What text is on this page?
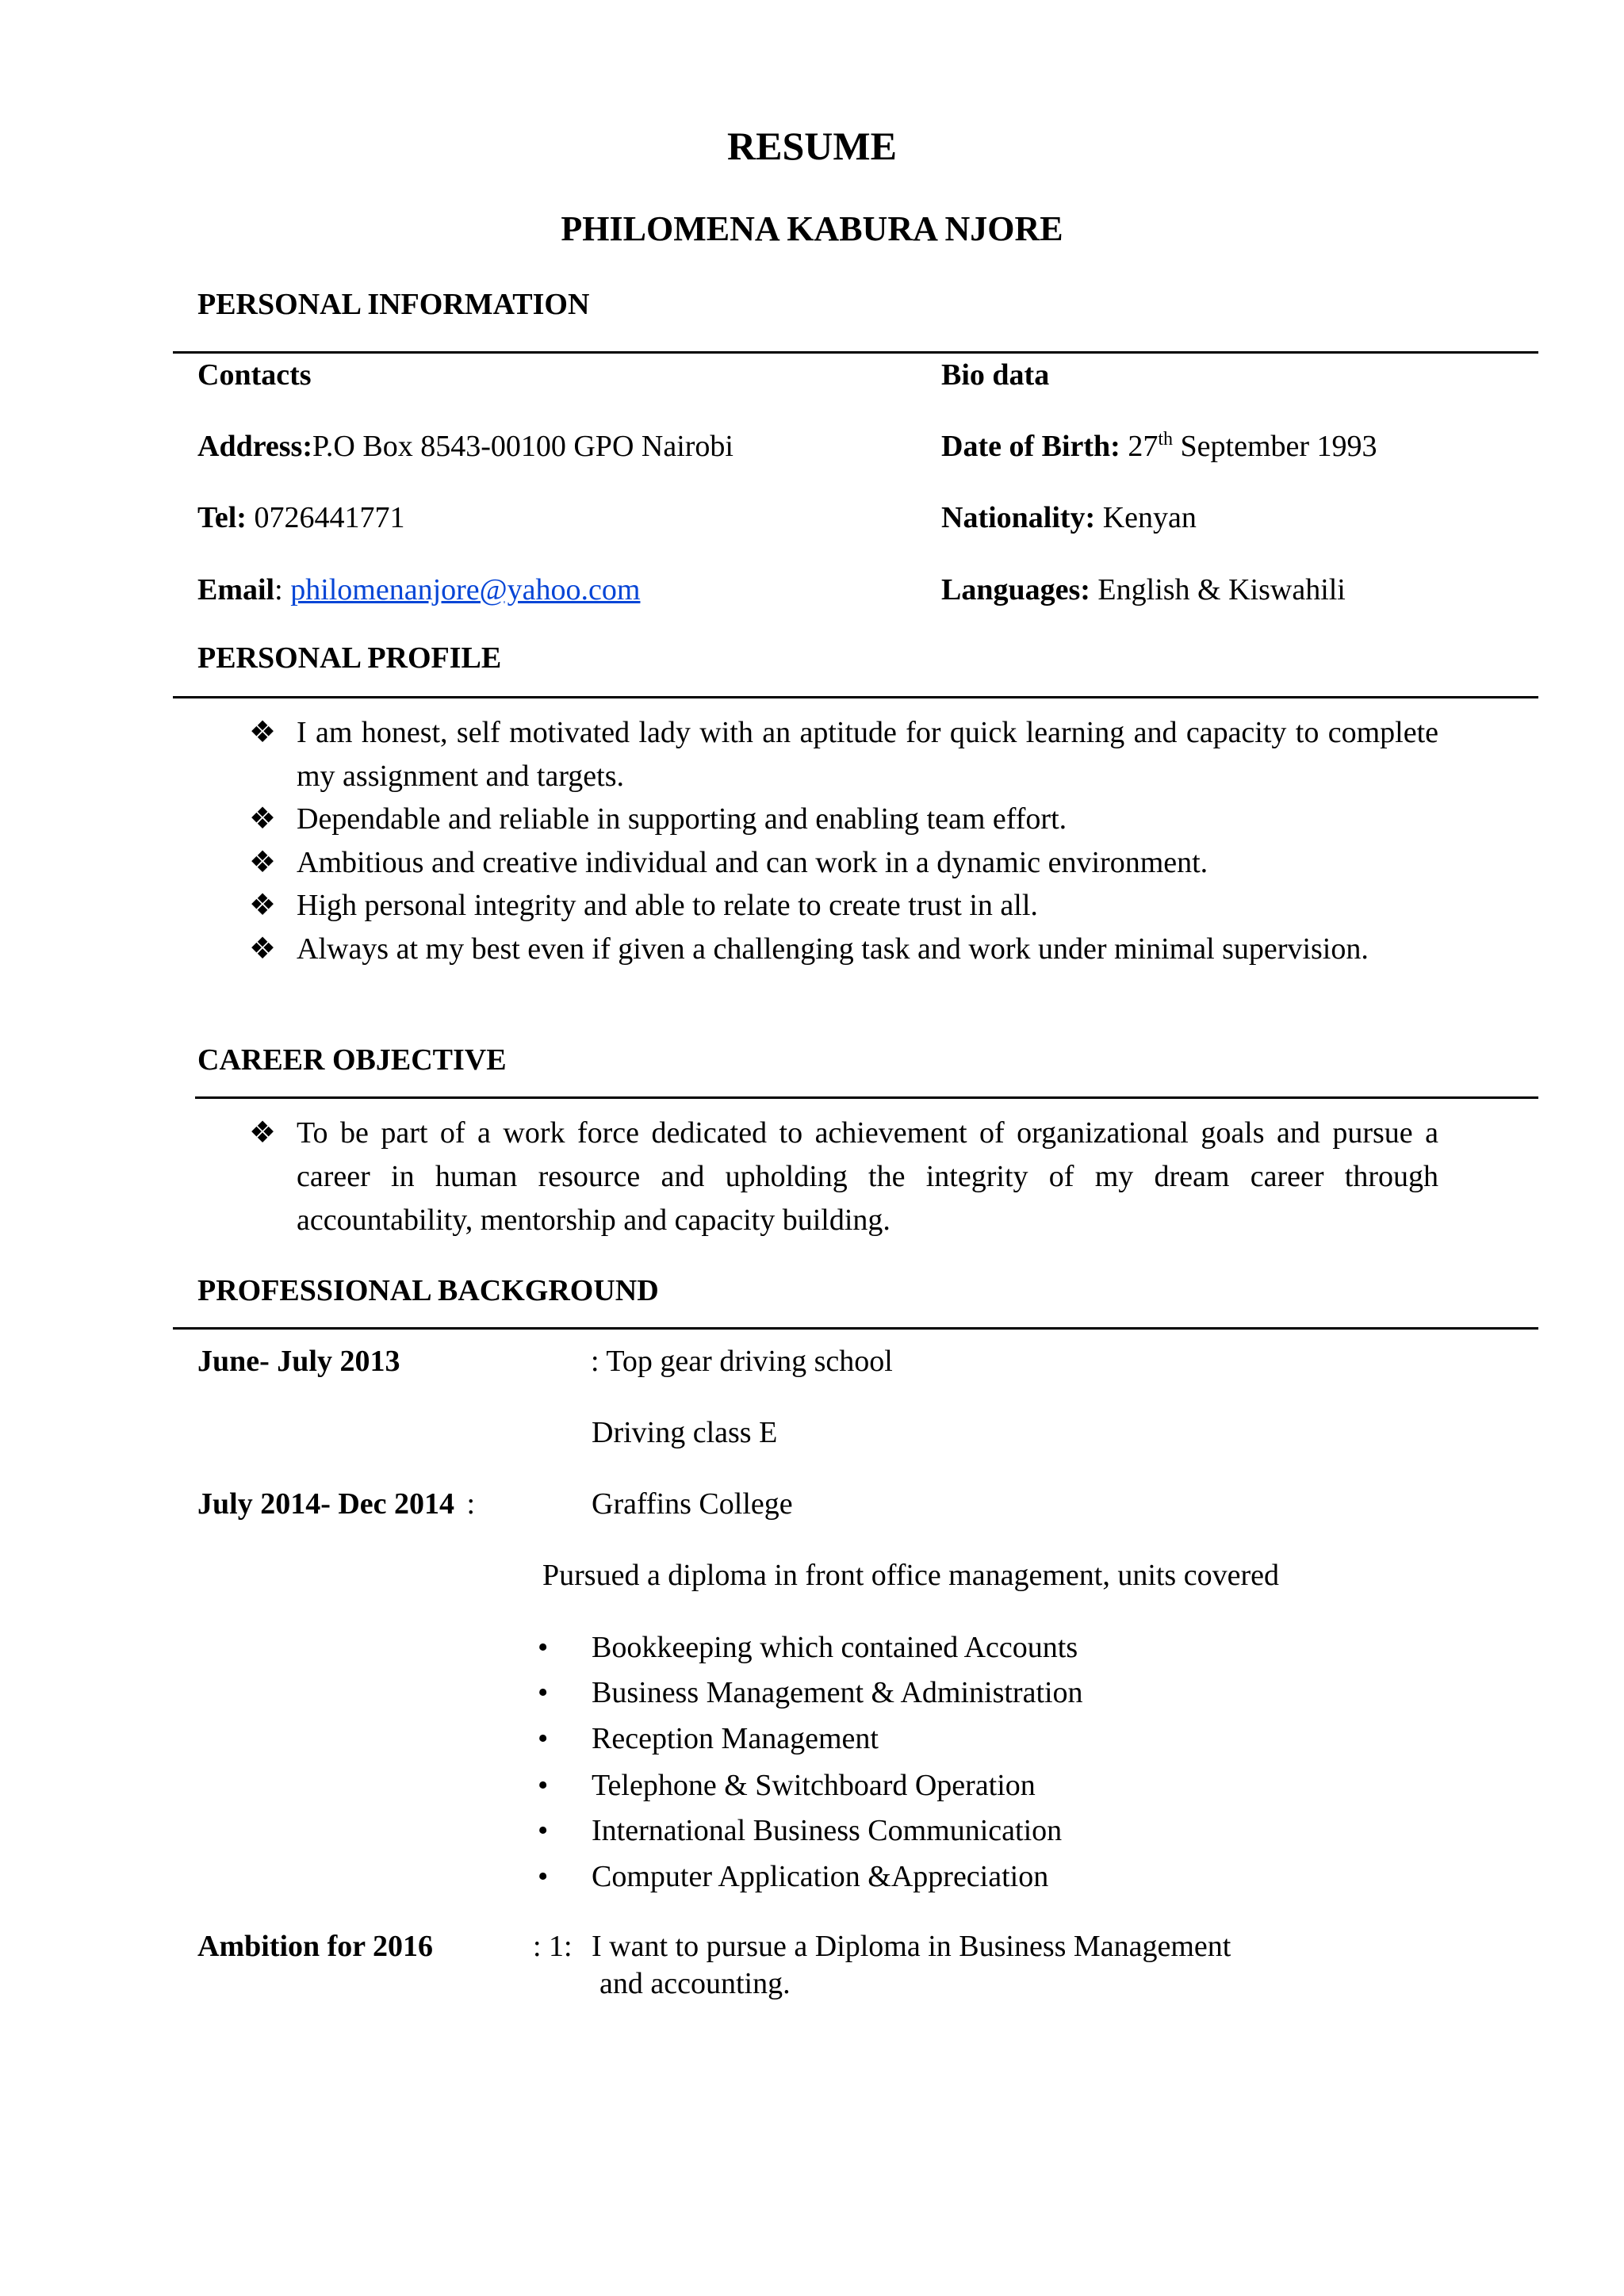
RESUME
PHILOMENA KABURA NJORE
PERSONAL INFORMATION
Contacts	Bio data
Address:P.O Box 8543-00100 GPO Nairobi	Date of Birth: 27th September 1993
Tel: 0726441771	Nationality: Kenyan
Email: philomenanjore@yahoo.com	Languages: English & Kiswahili
PERSONAL PROFILE
❖ I am honest, self motivated lady with an aptitude for quick learning and capacity to complete my assignment and targets.
❖ Dependable and reliable in supporting and enabling team effort.
❖ Ambitious and creative individual and can work in a dynamic environment.
❖ High personal integrity and able to relate to create trust in all.
❖ Always at my best even if given a challenging task and work under minimal supervision.
CAREER OBJECTIVE
❖ To be part of a work force dedicated to achievement of organizational goals and pursue a career in human resource and upholding the integrity of my dream career through accountability, mentorship and capacity building.
PROFESSIONAL BACKGROUND
June- July 2013	: Top gear driving school
Driving class E
July 2014- Dec 2014 :	Graffins College
Pursued a diploma in front office management, units covered
•	Bookkeeping which contained Accounts
•	Business Management & Administration
•	Reception Management
•	Telephone & Switchboard Operation
•	International Business Communication
•	Computer Application &Appreciation
Ambition for 2016	: 1: I want to pursue a Diploma in Business Management
and accounting.
